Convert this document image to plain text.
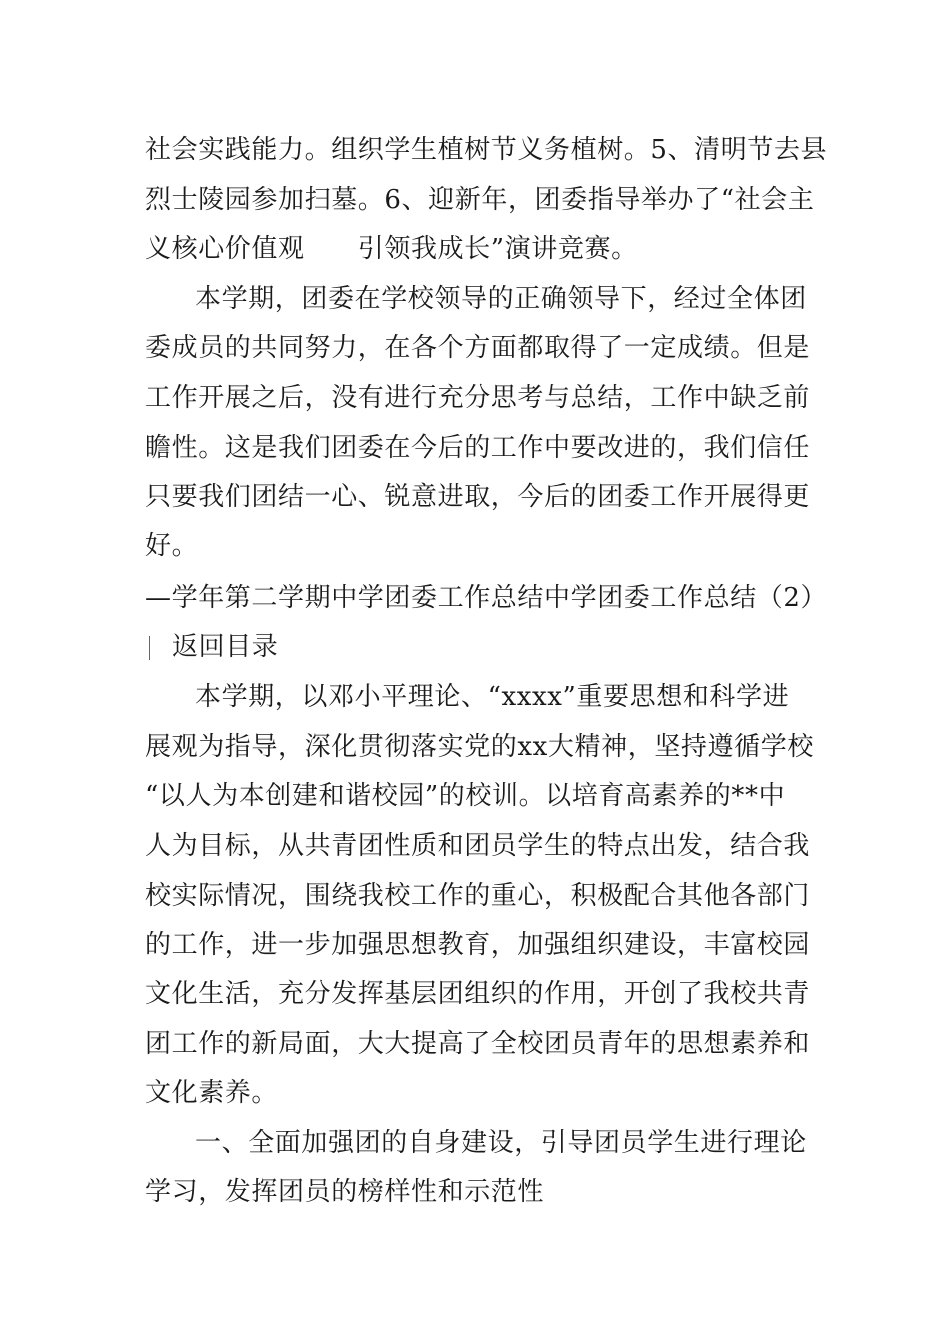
社会实践能力。组织学生植树节义务植树。5、清明节去县
烈士陵园参加扫墓。6、迎新年，团委指导举办了“社会主
义核心价值观　　引领我成长”演讲竞赛。
本学期，团委在学校领导的正确领导下，经过全体团
委成员的共同努力，在各个方面都取得了一定成绩。但是
工作开展之后，没有进行充分思考与总结，工作中缺乏前
瞻性。这是我们团委在今后的工作中要改进的，我们信任
只要我们团结一心、锐意进取，今后的团委工作开展得更
好。
—学年第二学期中学团委工作总结中学团委工作总结（2）
返回目录
本学期，以邓小平理论、“xxxx”重要思想和科学进
展观为指导，深化贯彻落实党的xx大精神，坚持遵循学校
“以人为本创建和谐校园”的校训。以培育高素养的**中
人为目标，从共青团性质和团员学生的特点出发，结合我
校实际情况，围绕我校工作的重心，积极配合其他各部门
的工作，进一步加强思想教育，加强组织建设，丰富校园
文化生活，充分发挥基层团组织的作用，开创了我校共青
团工作的新局面，大大提高了全校团员青年的思想素养和
文化素养。
一、全面加强团的自身建设，引导团员学生进行理论
学习，发挥团员的榜样性和示范性
